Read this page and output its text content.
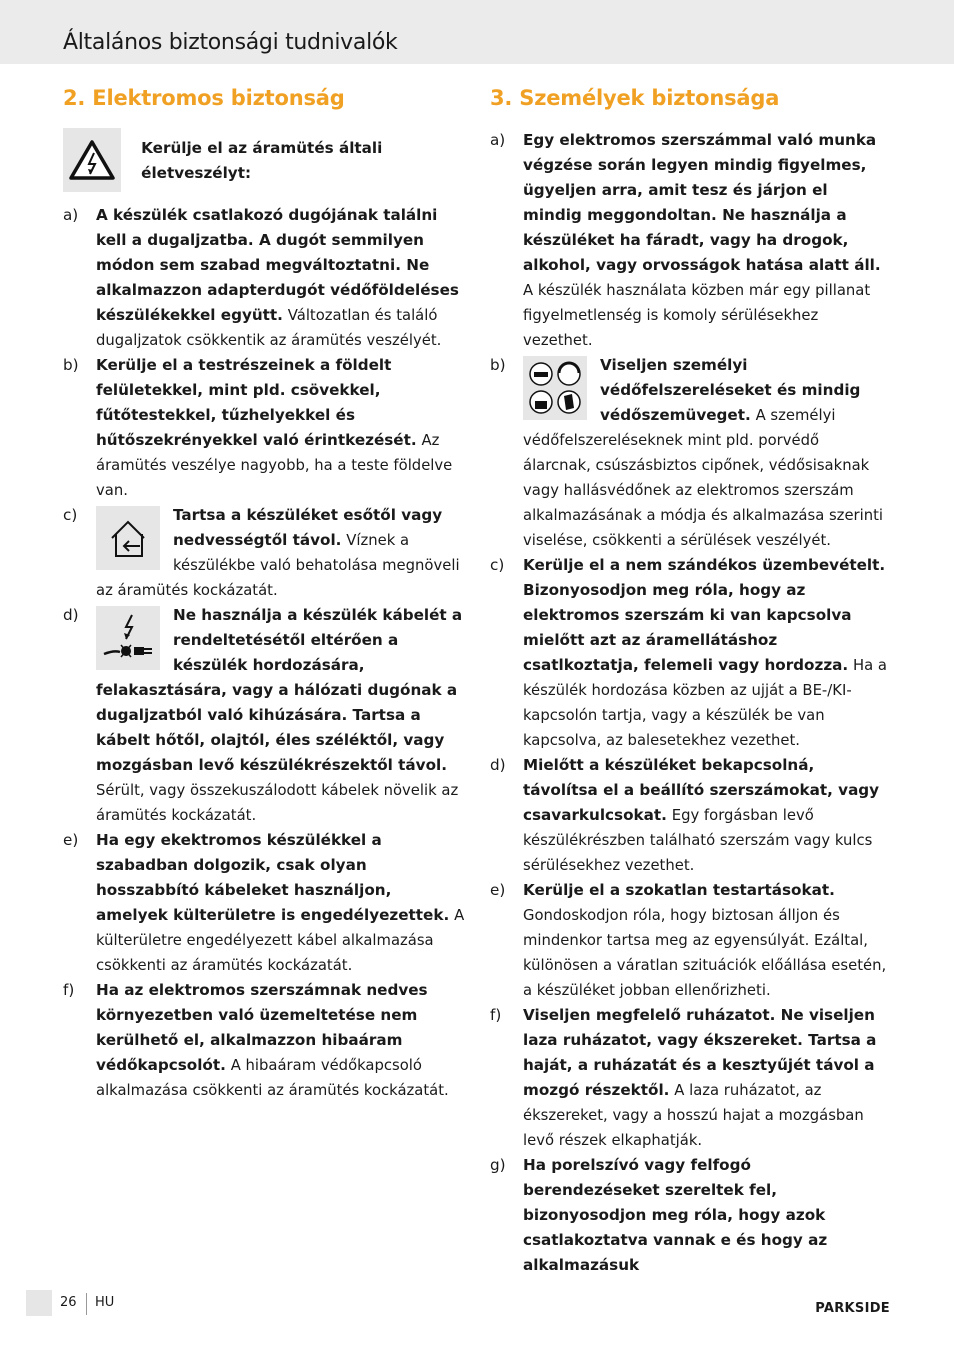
Általános biztonsági tudnivalók
2. Elektromos biztonság
Kerülje el az áramütés általi életveszélyt:
a) A készülék csatlakozó dugójának találni kell a dugaljzatba. A dugót semmilyen módon sem szabad megváltoztatni. Ne alkalmazzon adapterdugót védőföldeléses készülékekkel együtt. Változatlan és találó dugaljzatok csökkentik az áramütés veszélyét.
b) Kerülje el a testrészeinek a földelt felületekkel, mint pld. csövekkel, fűtőtestekkel, tűzhelyekkel és hűtőszekrényekkel való érintkezését. Az áramütés veszélye nagyobb, ha a teste földelve van.
c)	Tartsa a készüléket esőtől vagy nedvességtől távol. Víznek a készülékbe való behatolása megnöveli az áramütés kockázatát.
d)	Ne használja a készülék kábelét a rendeltetésétől eltérően a készülék hordozására, felakasztására, vagy a hálózati dugónak a dugaljzatból való kihúzására. Tartsa a kábelt hőtől, olajtól, éles széléktől, vagy mozgásban levő készülékrészektől távol. Sérült, vagy összekuszálodott kábelek növelik az áramütés kockázatát.
e) Ha egy ekektromos készülékkel a szabadban dolgozik, csak olyan hosszabbító kábeleket használjon, amelyek külterületre is engedélyezettek. A külterületre engedélyezett kábel alkalmazása csökkenti az áramütés kockázatát.
f) Ha az elektromos szerszámnak nedves környezetben való üzemeltetése nem kerülhető el, alkalmazzon hibaáram védőkapcsolót. A hibaáram védőkapcsoló alkalmazása csökkenti az áramütés kockázatát.
3. Személyek biztonsága
a) Egy elektromos szerszámmal való munka végzése során legyen mindig figyelmes, ügyeljen arra, amit tesz és járjon el mindig meggondoltan. Ne használja a készüléket ha fáradt, vagy ha drogok, alkohol, vagy orvosságok hatása alatt áll. A készülék használata közben már egy pillanat figyelmetlenség is komoly sérülésekhez vezethet.
b)	Viseljen személyi védőfelszereléseket és mindig védőszemüveget. A személyi védőfelszereléseknek mint pld. porvédő álarcnak, csúszásbiztos cipőnek, védősisaknak vagy hallásvédőnek az elektromos szerszám alkalmazásának a módja és alkalmazása szerinti viselése, csökkenti a sérülések veszélyét.
c) Kerülje el a nem szándékos üzembevételt. Bizonyosodjon meg róla, hogy az elektromos szerszám ki van kapcsolva mielőtt azt az áramellátáshoz csatlkoztatja, felemeli vagy hordozza. Ha a készülék hordozása közben az ujját a BE-/KI-kapcsolón tartja, vagy a készülék be van kapcsolva, az balesetekhez vezethet.
d) Mielőtt a készüléket bekapcsolná, távolítsa el a beállító szerszámokat, vagy csavarkulcsokat. Egy forgásban levő készülékrészben található szerszám vagy kulcs sérülésekhez vezethet.
e) Kerülje el a szokatlan testartásokat. Gondoskodjon róla, hogy biztosan álljon és mindenkor tartsa meg az egyensúlyát. Ezáltal, különösen a váratlan szituációk előállása esetén, a készüléket jobban ellenőrizheti.
f) Viseljen megfelelő ruházatot. Ne viseljen laza ruházatot, vagy ékszereket. Tartsa a haját, a ruházatát és a kesztyűjét távol a mozgó részektől. A laza ruházatot, az ékszereket, vagy a hosszú hajat a mozgásban levő részek elkaphatják.
g) Ha porelszívó vagy felfogó berendezéseket szereltek fel, bizonyosodjon meg róla, hogy azok csatlakoztatva vannak e és hogy az alkalmazásuk
26 HU	PARKSIDE
